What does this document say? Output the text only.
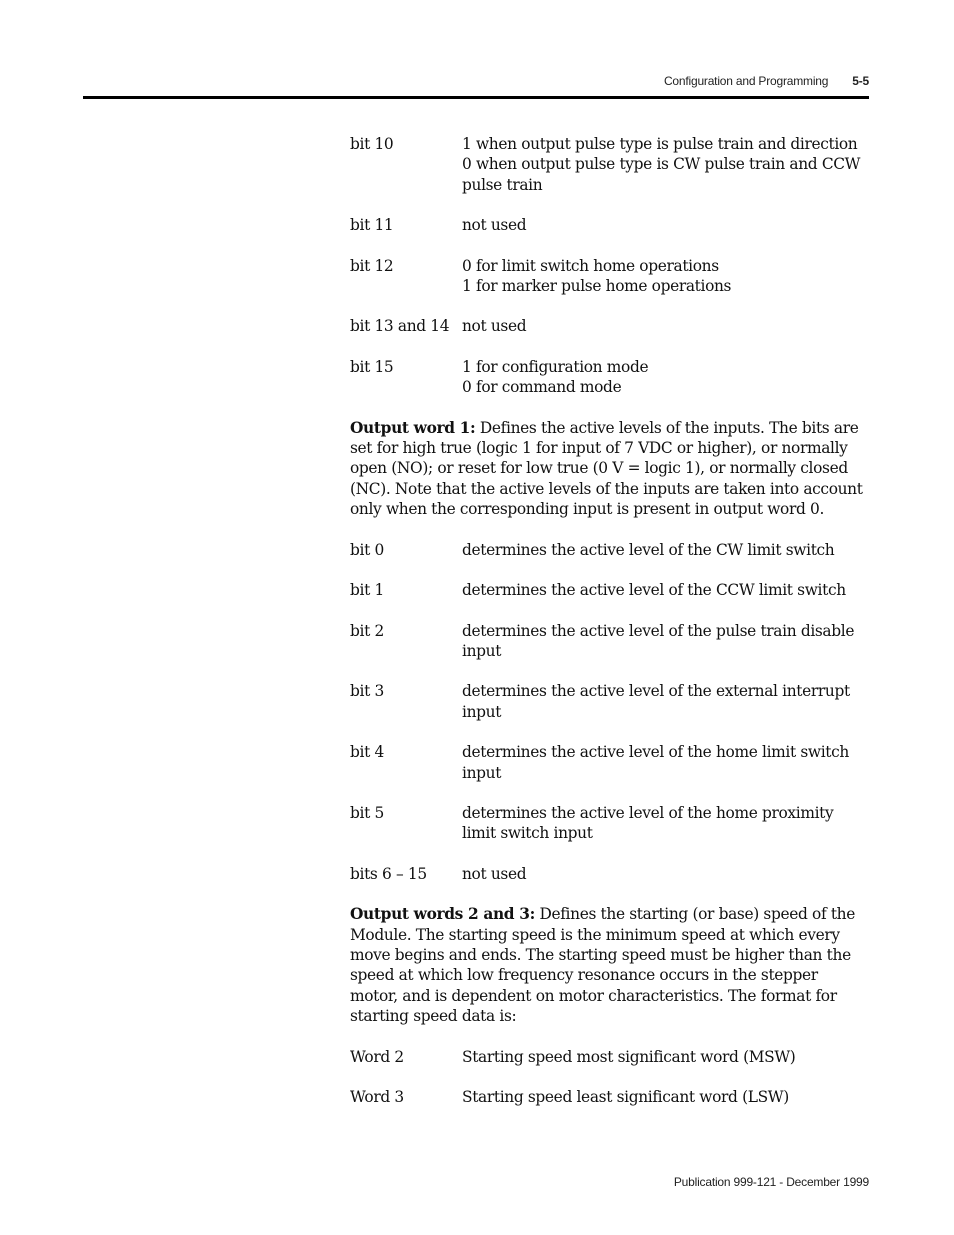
Configuration and Programming 5-5
bit 10	1 when output pulse type is pulse train and direction
0 when output pulse type is CW pulse train and CCW pulse train
bit 11	not used
bit 12	0 for limit switch home operations
1 for marker pulse home operations
bit 13 and 14 not used
bit 15	1 for configuration mode
0 for command mode

Output word 1: Defines the active levels of the inputs. The bits are set for high true (logic 1 for input of 7 VDC or higher), or normally open (NO); or reset for low true (0 V = logic 1), or normally closed (NC). Note that the active levels of the inputs are taken into account only when the corresponding input is present in output word 0.

bit 0	determines the active level of the CW limit switch
bit 1	determines the active level of the CCW limit switch
bit 2	determines the active level of the pulse train disable input
bit 3	determines the active level of the external interrupt input
bit 4	determines the active level of the home limit switch input
bit 5	determines the active level of the home proximity limit switch input
bits 6 – 15	not used

Output words 2 and 3: Defines the starting (or base) speed of the Module. The starting speed is the minimum speed at which every move begins and ends. The starting speed must be higher than the speed at which low frequency resonance occurs in the stepper motor, and is dependent on motor characteristics. The format for starting speed data is:

Word 2	Starting speed most significant word (MSW)
Word 3	Starting speed least significant word (LSW)
Publication 999-121 - December 1999
